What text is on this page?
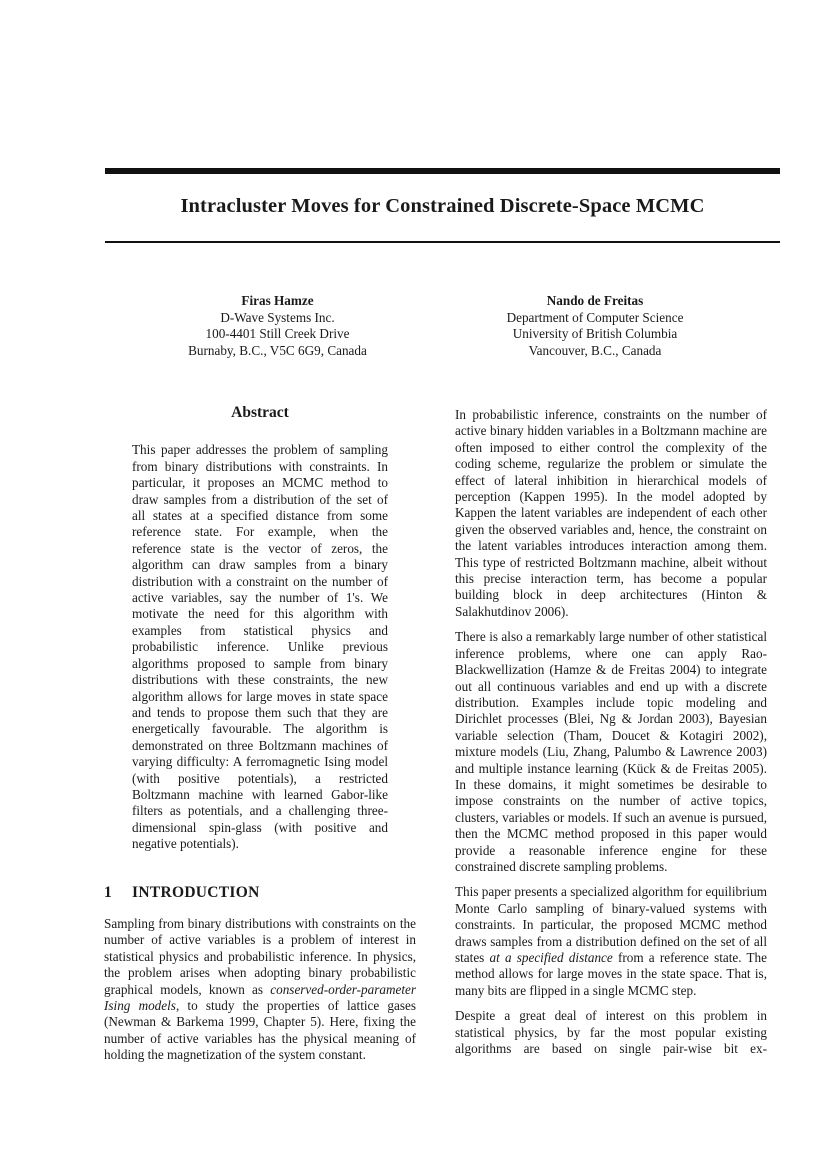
Intracluster Moves for Constrained Discrete-Space MCMC
Firas Hamze
D-Wave Systems Inc.
100-4401 Still Creek Drive
Burnaby, B.C., V5C 6G9, Canada
Nando de Freitas
Department of Computer Science
University of British Columbia
Vancouver, B.C., Canada
Abstract

This paper addresses the problem of sampling from binary distributions with constraints. In particular, it proposes an MCMC method to draw samples from a distribution of the set of all states at a specified distance from some reference state. For example, when the reference state is the vector of zeros, the algorithm can draw samples from a binary distribution with a constraint on the number of active variables, say the number of 1's. We motivate the need for this algorithm with examples from statistical physics and probabilistic inference. Unlike previous algorithms proposed to sample from binary distributions with these constraints, the new algorithm allows for large moves in state space and tends to propose them such that they are energetically favourable. The algorithm is demonstrated on three Boltzmann machines of varying difficulty: A ferromagnetic Ising model (with positive potentials), a restricted Boltzmann machine with learned Gabor-like filters as potentials, and a challenging three-dimensional spin-glass (with positive and negative potentials).

1 INTRODUCTION

Sampling from binary distributions with constraints on the number of active variables is a problem of interest in statistical physics and probabilistic inference. In physics, the problem arises when adopting binary probabilistic graphical models, known as conserved-order-parameter Ising models, to study the properties of lattice gases (Newman & Barkema 1999, Chapter 5). Here, fixing the number of active variables has the physical meaning of holding the magnetization of the system constant.

In probabilistic inference, constraints on the number of active binary hidden variables in a Boltzmann machine are often imposed to either control the complexity of the coding scheme, regularize the problem or simulate the effect of lateral inhibition in hierarchical models of perception (Kappen 1995). In the model adopted by Kappen the latent variables are independent of each other given the observed variables and, hence, the constraint on the latent variables introduces interaction among them. This type of restricted Boltzmann machine, albeit without this precise interaction term, has become a popular building block in deep architectures (Hinton & Salakhutdinov 2006).

There is also a remarkably large number of other statistical inference problems, where one can apply Rao-Blackwellization (Hamze & de Freitas 2004) to integrate out all continuous variables and end up with a discrete distribution. Examples include topic modeling and Dirichlet processes (Blei, Ng & Jordan 2003), Bayesian variable selection (Tham, Doucet & Kotagiri 2002), mixture models (Liu, Zhang, Palumbo & Lawrence 2003) and multiple instance learning (Kück & de Freitas 2005). In these domains, it might sometimes be desirable to impose constraints on the number of active topics, clusters, variables or models. If such an avenue is pursued, then the MCMC method proposed in this paper would provide a reasonable inference engine for these constrained discrete sampling problems.

This paper presents a specialized algorithm for equilibrium Monte Carlo sampling of binary-valued systems with constraints. In particular, the proposed MCMC method draws samples from a distribution defined on the set of all states at a specified distance from a reference state. The method allows for large moves in the state space. That is, many bits are flipped in a single MCMC step.

Despite a great deal of interest on this problem in statistical physics, by far the most popular existing algorithms are based on single pair-wise bit ex-
